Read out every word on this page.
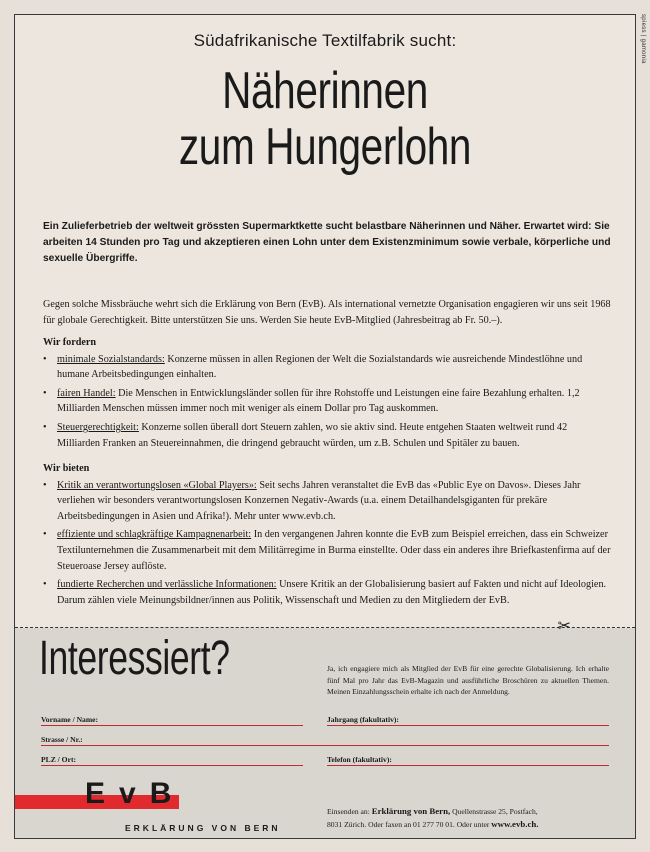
Südafrikanische Textilfabrik sucht:
Näherinnen
zum Hungerlohn
Ein Zulieferbetrieb der weltweit grössten Supermarktkette sucht belastbare Näherinnen und Näher. Erwartet wird: Sie arbeiten 14 Stunden pro Tag und akzeptieren einen Lohn unter dem Existenzminimum sowie verbale, körperliche und sexuelle Übergriffe.
Gegen solche Missbräuche wehrt sich die Erklärung von Bern (EvB). Als international vernetzte Organisation engagieren wir uns seit 1968 für globale Gerechtigkeit. Bitte unterstützen Sie uns. Werden Sie heute EvB-Mitglied (Jahresbeitrag ab Fr. 50.–).
Wir fordern
• minimale Sozialstandards: Konzerne müssen in allen Regionen der Welt die Sozialstandards wie ausreichende Mindestlöhne und humane Arbeitsbedingungen einhalten.
• fairen Handel: Die Menschen in Entwicklungsländer sollen für ihre Rohstoffe und Leistungen eine faire Bezahlung erhalten. 1,2 Milliarden Menschen müssen immer noch mit weniger als einem Dollar pro Tag auskommen.
• Steuergerechtigkeit: Konzerne sollen überall dort Steuern zahlen, wo sie aktiv sind. Heute entgehen Staaten weltweit rund 42 Milliarden Franken an Steuereinnahmen, die dringend gebraucht würden, um z.B. Schulen und Spitäler zu bauen.
Wir bieten
• Kritik an verantwortungslosen «Global Players»: Seit sechs Jahren veranstaltet die EvB das «Public Eye on Davos». Dieses Jahr verliehen wir besonders verantwortungslosen Konzernen Negativ-Awards (u.a. einem Detailhandelsgiganten für prekäre Arbeitsbedingungen in Asien und Afrika!). Mehr unter www.evb.ch.
• effiziente und schlagkräftige Kampagnenarbeit: In den vergangenen Jahren konnte die EvB zum Beispiel erreichen, dass ein Schweizer Textilunternehmen die Zusammenarbeit mit dem Militärregime in Burma einstellte. Oder dass ein anderes ihre Briefkastenfirma auf der Steueroase Jersey auflöste.
• fundierte Recherchen und verlässliche Informationen: Unsere Kritik an der Globalisierung basiert auf Fakten und nicht auf Ideologien. Darum zählen viele Meinungsbildner/innen aus Politik, Wissenschaft und Medien zu den Mitgliedern der EvB.
✂
Interessiert?	Ja, ich engagiere mich als Mitglied der EvB für eine gerechte Globalisierung. Ich erhalte fünf Mal pro Jahr das EvB-Magazin und ausführliche Broschüren zu aktuellen Themen. Meinen Einzahlungsschein erhalte ich nach der Anmeldung.
Vorname / Name:	Jahrgang (fakultativ):
Strasse / Nr.:
PLZ / Ort:	Telefon (fakultativ):
EvB
ERKLÄRUNG VON BERN
Einsenden an: Erklärung von Bern, Quellenstrasse 25, Postfach,
8031 Zürich. Oder faxen an 01 277 70 01. Oder unter www.evb.ch.
spiess | gamonia
